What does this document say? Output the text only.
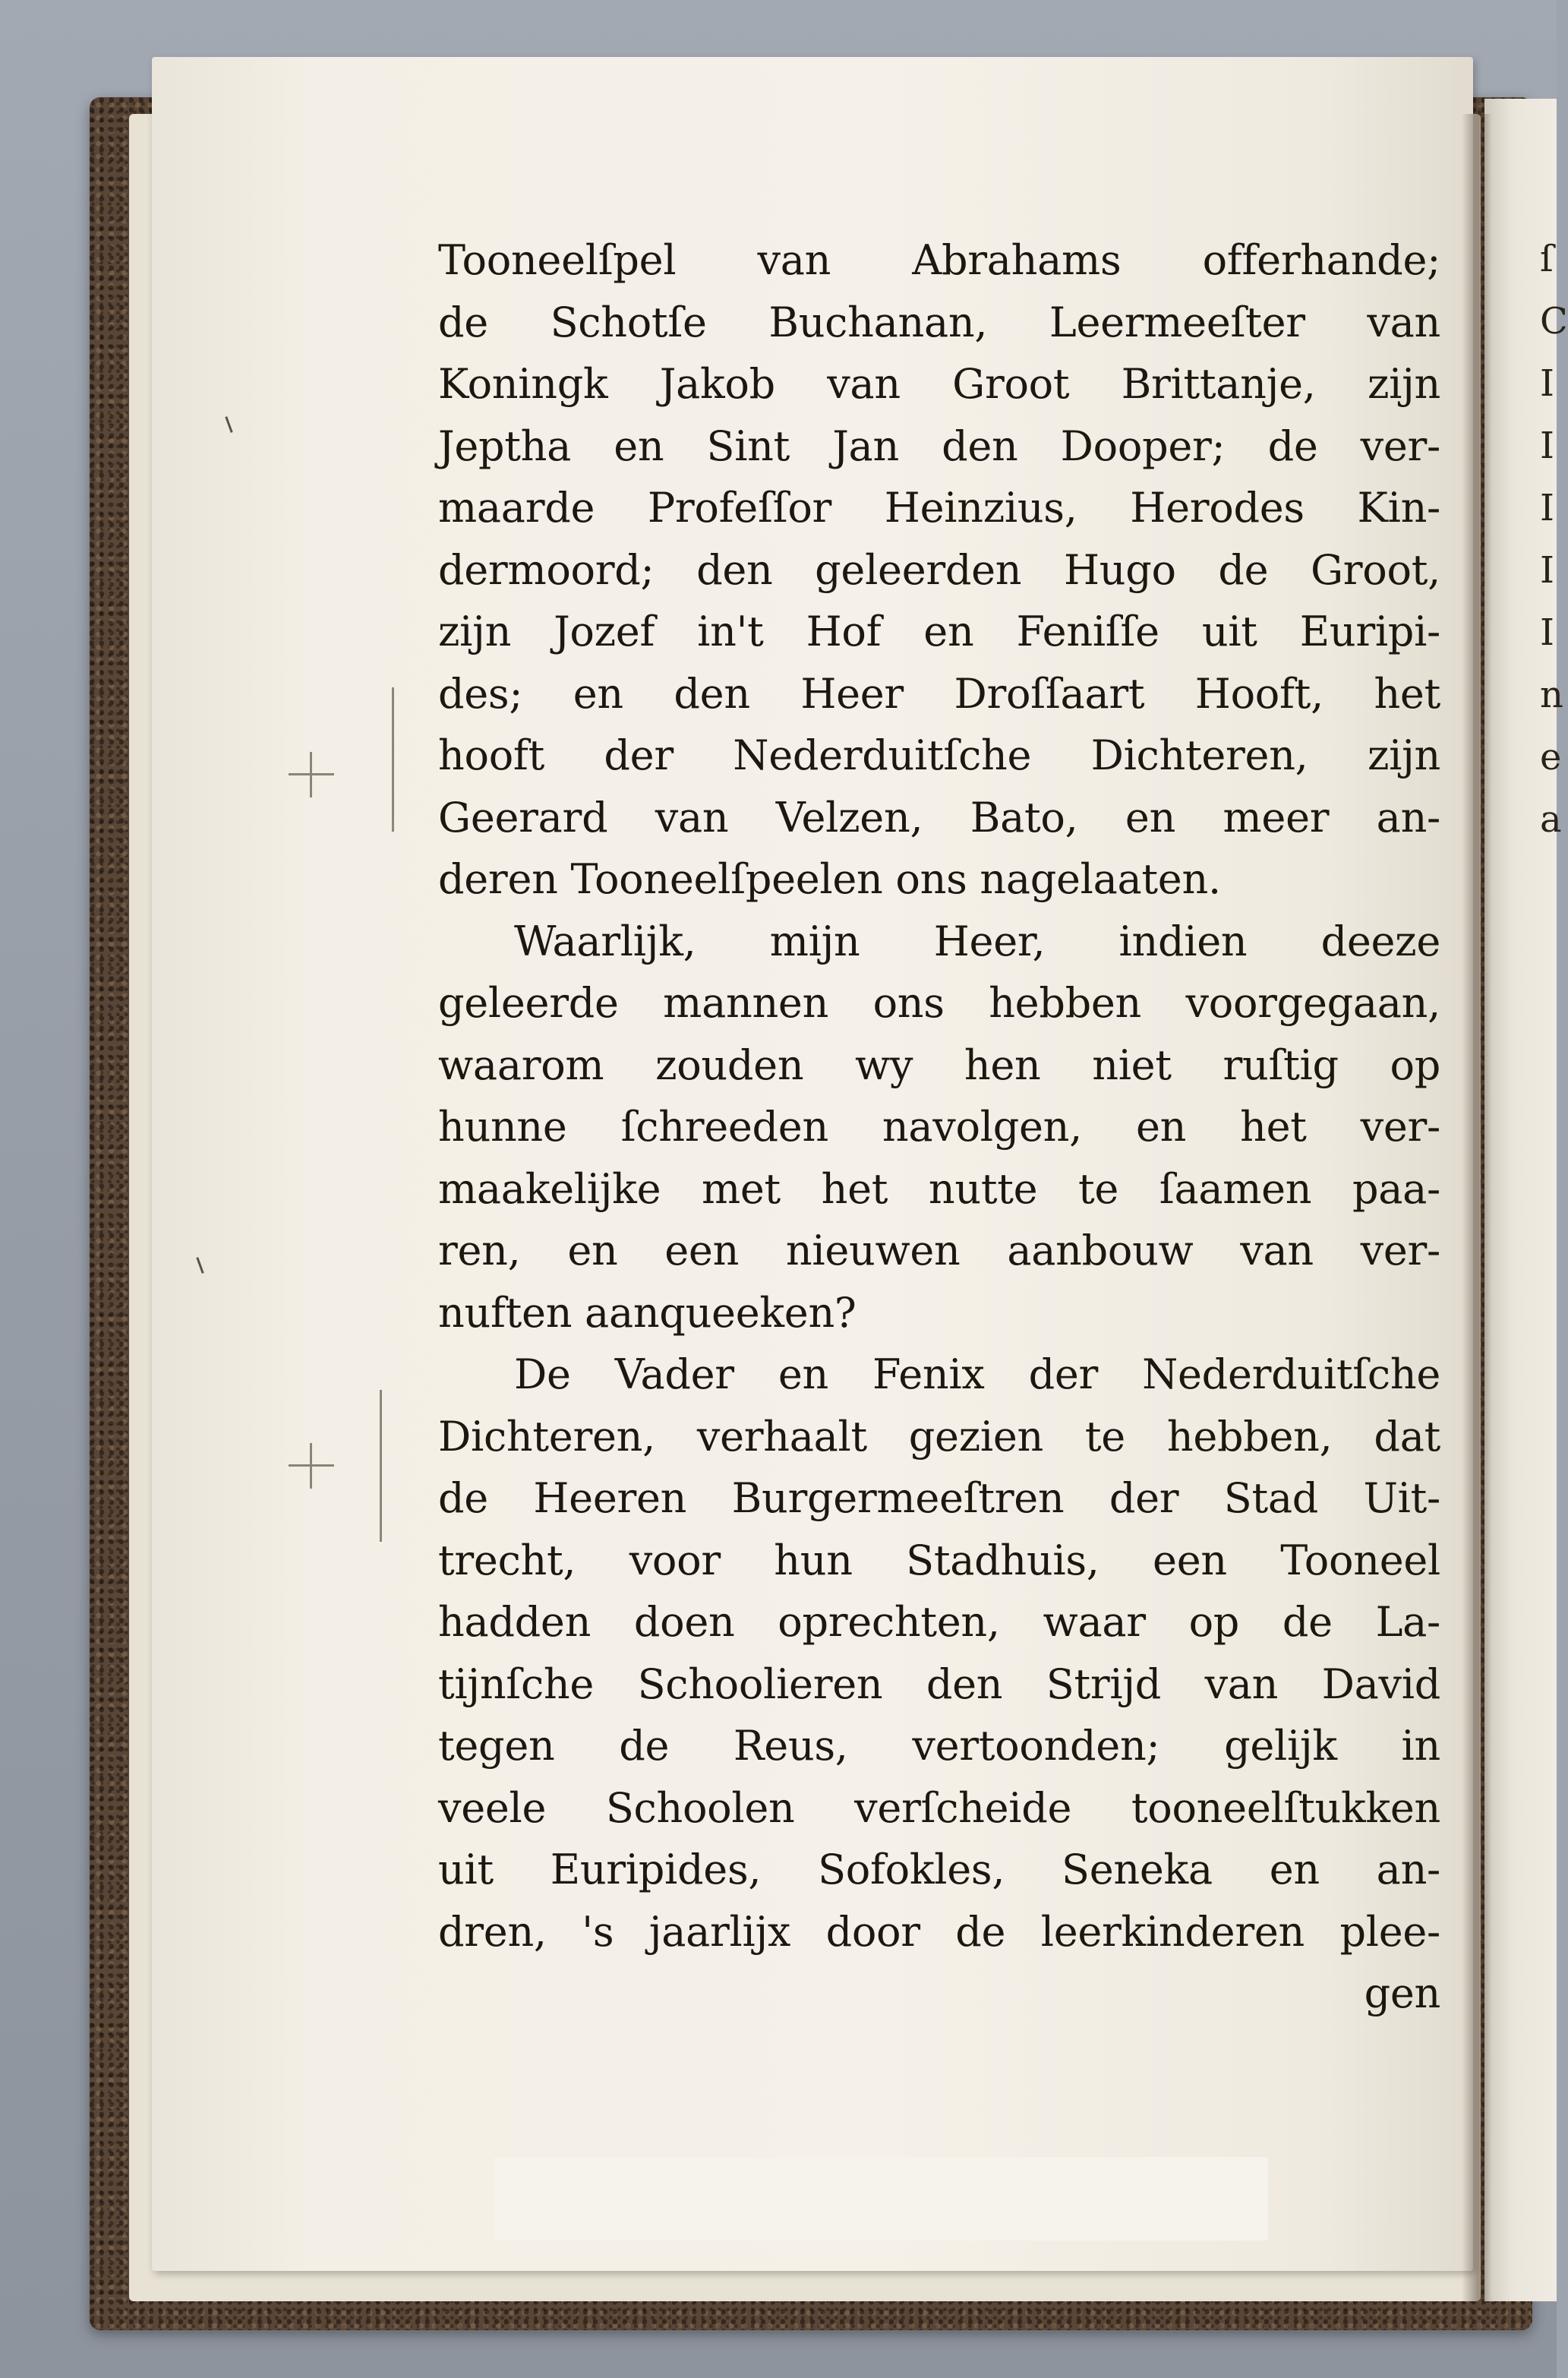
ſ
C
I
I
I
I
I
n
e
a
Tooneelſpel van Abrahams offerhande;
de Schotſe Buchanan, Leermeeſter van
Koningk Jakob van Groot Brittanje, zijn
Jeptha en Sint Jan den Dooper; de ver-
maarde Profeſſor Heinzius, Herodes Kin-
dermoord; den geleerden Hugo de Groot,
zijn Jozef in't Hof en Feniſſe uit Euripi-
des; en den Heer Droſſaart Hooft, het
hooft der Nederduitſche Dichteren, zijn
Geerard van Velzen, Bato, en meer an-
deren Tooneelſpeelen ons nagelaaten.
Waarlijk, mijn Heer, indien deeze
geleerde mannen ons hebben voorgegaan,
waarom zouden wy hen niet ruſtig op
hunne ſchreeden navolgen, en het ver-
maakelijke met het nutte te ſaamen paa-
ren, en een nieuwen aanbouw van ver-
nuften aanqueeken?
De Vader en Fenix der Nederduitſche
Dichteren, verhaalt gezien te hebben, dat
de Heeren Burgermeeſtren der Stad Uit-
trecht, voor hun Stadhuis, een Tooneel
hadden doen oprechten, waar op de La-
tijnſche Schoolieren den Strijd van David
tegen de Reus, vertoonden; gelijk in
veele Schoolen verſcheide tooneelſtukken
uit Euripides, Sofokles, Seneka en an-
dren, 's jaarlijx door de leerkinderen plee-
gen
